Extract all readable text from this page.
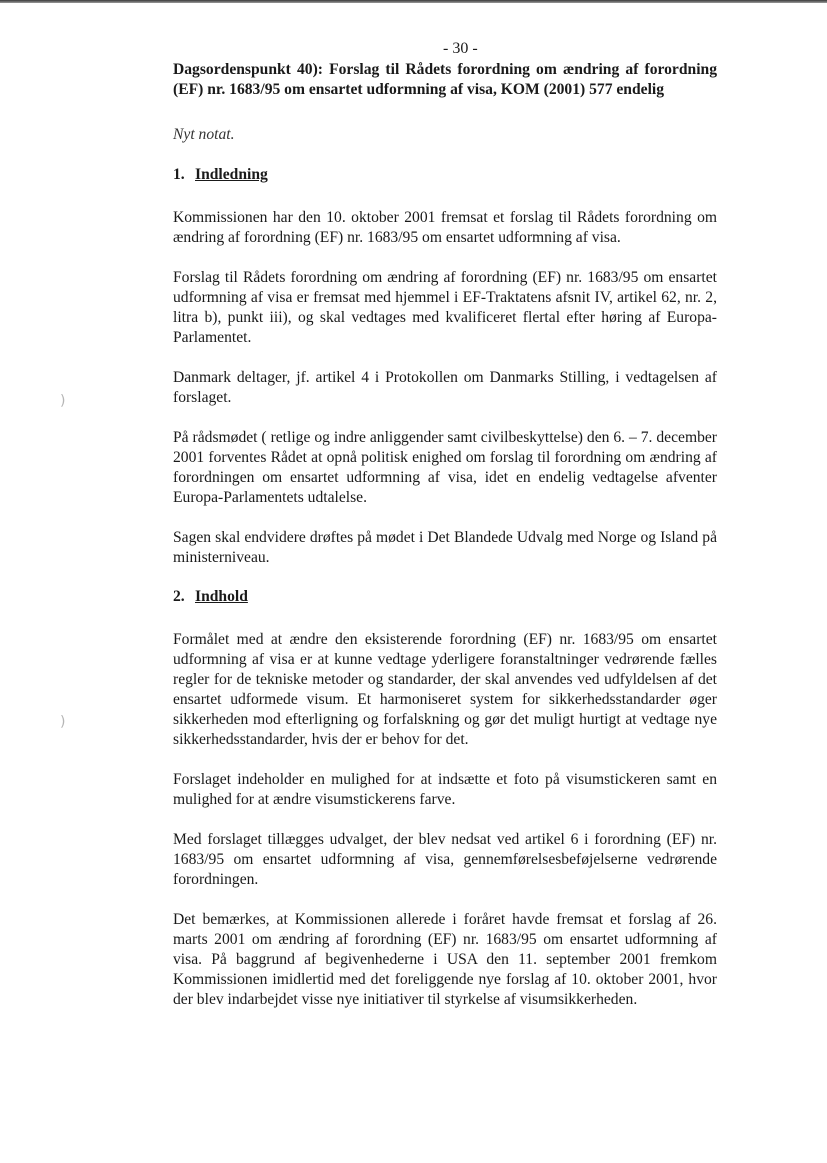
)
)
- 30 -
Dagsordenspunkt 40): Forslag til Rådets forordning om ændring af forordning (EF) nr. 1683/95 om ensartet udformning af visa, KOM (2001) 577 endelig
Nyt notat.
1. Indledning

Kommissionen har den 10. oktober 2001 fremsat et forslag til Rådets forordning om ændring af forordning (EF) nr. 1683/95 om ensartet udformning af visa.

Forslag til Rådets forordning om ændring af forordning (EF) nr. 1683/95 om ensartet udformning af visa er fremsat med hjemmel i EF-Traktatens afsnit IV, artikel 62, nr. 2, litra b), punkt iii), og skal vedtages med kvalificeret flertal efter høring af Europa-Parlamentet.

Danmark deltager, jf. artikel 4 i Protokollen om Danmarks Stilling, i vedtagelsen af forslaget.

På rådsmødet ( retlige og indre anliggender samt civilbeskyttelse) den 6. – 7. december 2001 forventes Rådet at opnå politisk enighed om forslag til forordning om ændring af forordningen om ensartet udformning af visa, idet en endelig vedtagelse afventer Europa-Parlamentets udtalelse.

Sagen skal endvidere drøftes på mødet i Det Blandede Udvalg med Norge og Island på ministerniveau.

2. Indhold

Formålet med at ændre den eksisterende forordning (EF) nr. 1683/95 om ensartet udformning af visa er at kunne vedtage yderligere foranstaltninger vedrørende fælles regler for de tekniske metoder og standarder, der skal anvendes ved udfyldelsen af det ensartet udformede visum. Et harmoniseret system for sikkerhedsstandarder øger sikkerheden mod efterligning og forfalskning og gør det muligt hurtigt at vedtage nye sikkerhedsstandarder, hvis der er behov for det.

Forslaget indeholder en mulighed for at indsætte et foto på visumstickeren samt en mulighed for at ændre visumstickerens farve.

Med forslaget tillægges udvalget, der blev nedsat ved artikel 6 i forordning (EF) nr. 1683/95 om ensartet udformning af visa, gennemførelsesbeføjelserne vedrørende forordningen.

Det bemærkes, at Kommissionen allerede i foråret havde fremsat et forslag af 26. marts 2001 om ændring af forordning (EF) nr. 1683/95 om ensartet udformning af visa. På baggrund af begivenhederne i USA den 11. september 2001 fremkom Kommissionen imidlertid med det foreliggende nye forslag af 10. oktober 2001, hvor der blev indarbejdet visse nye initiativer til styrkelse af visumsikkerheden.
